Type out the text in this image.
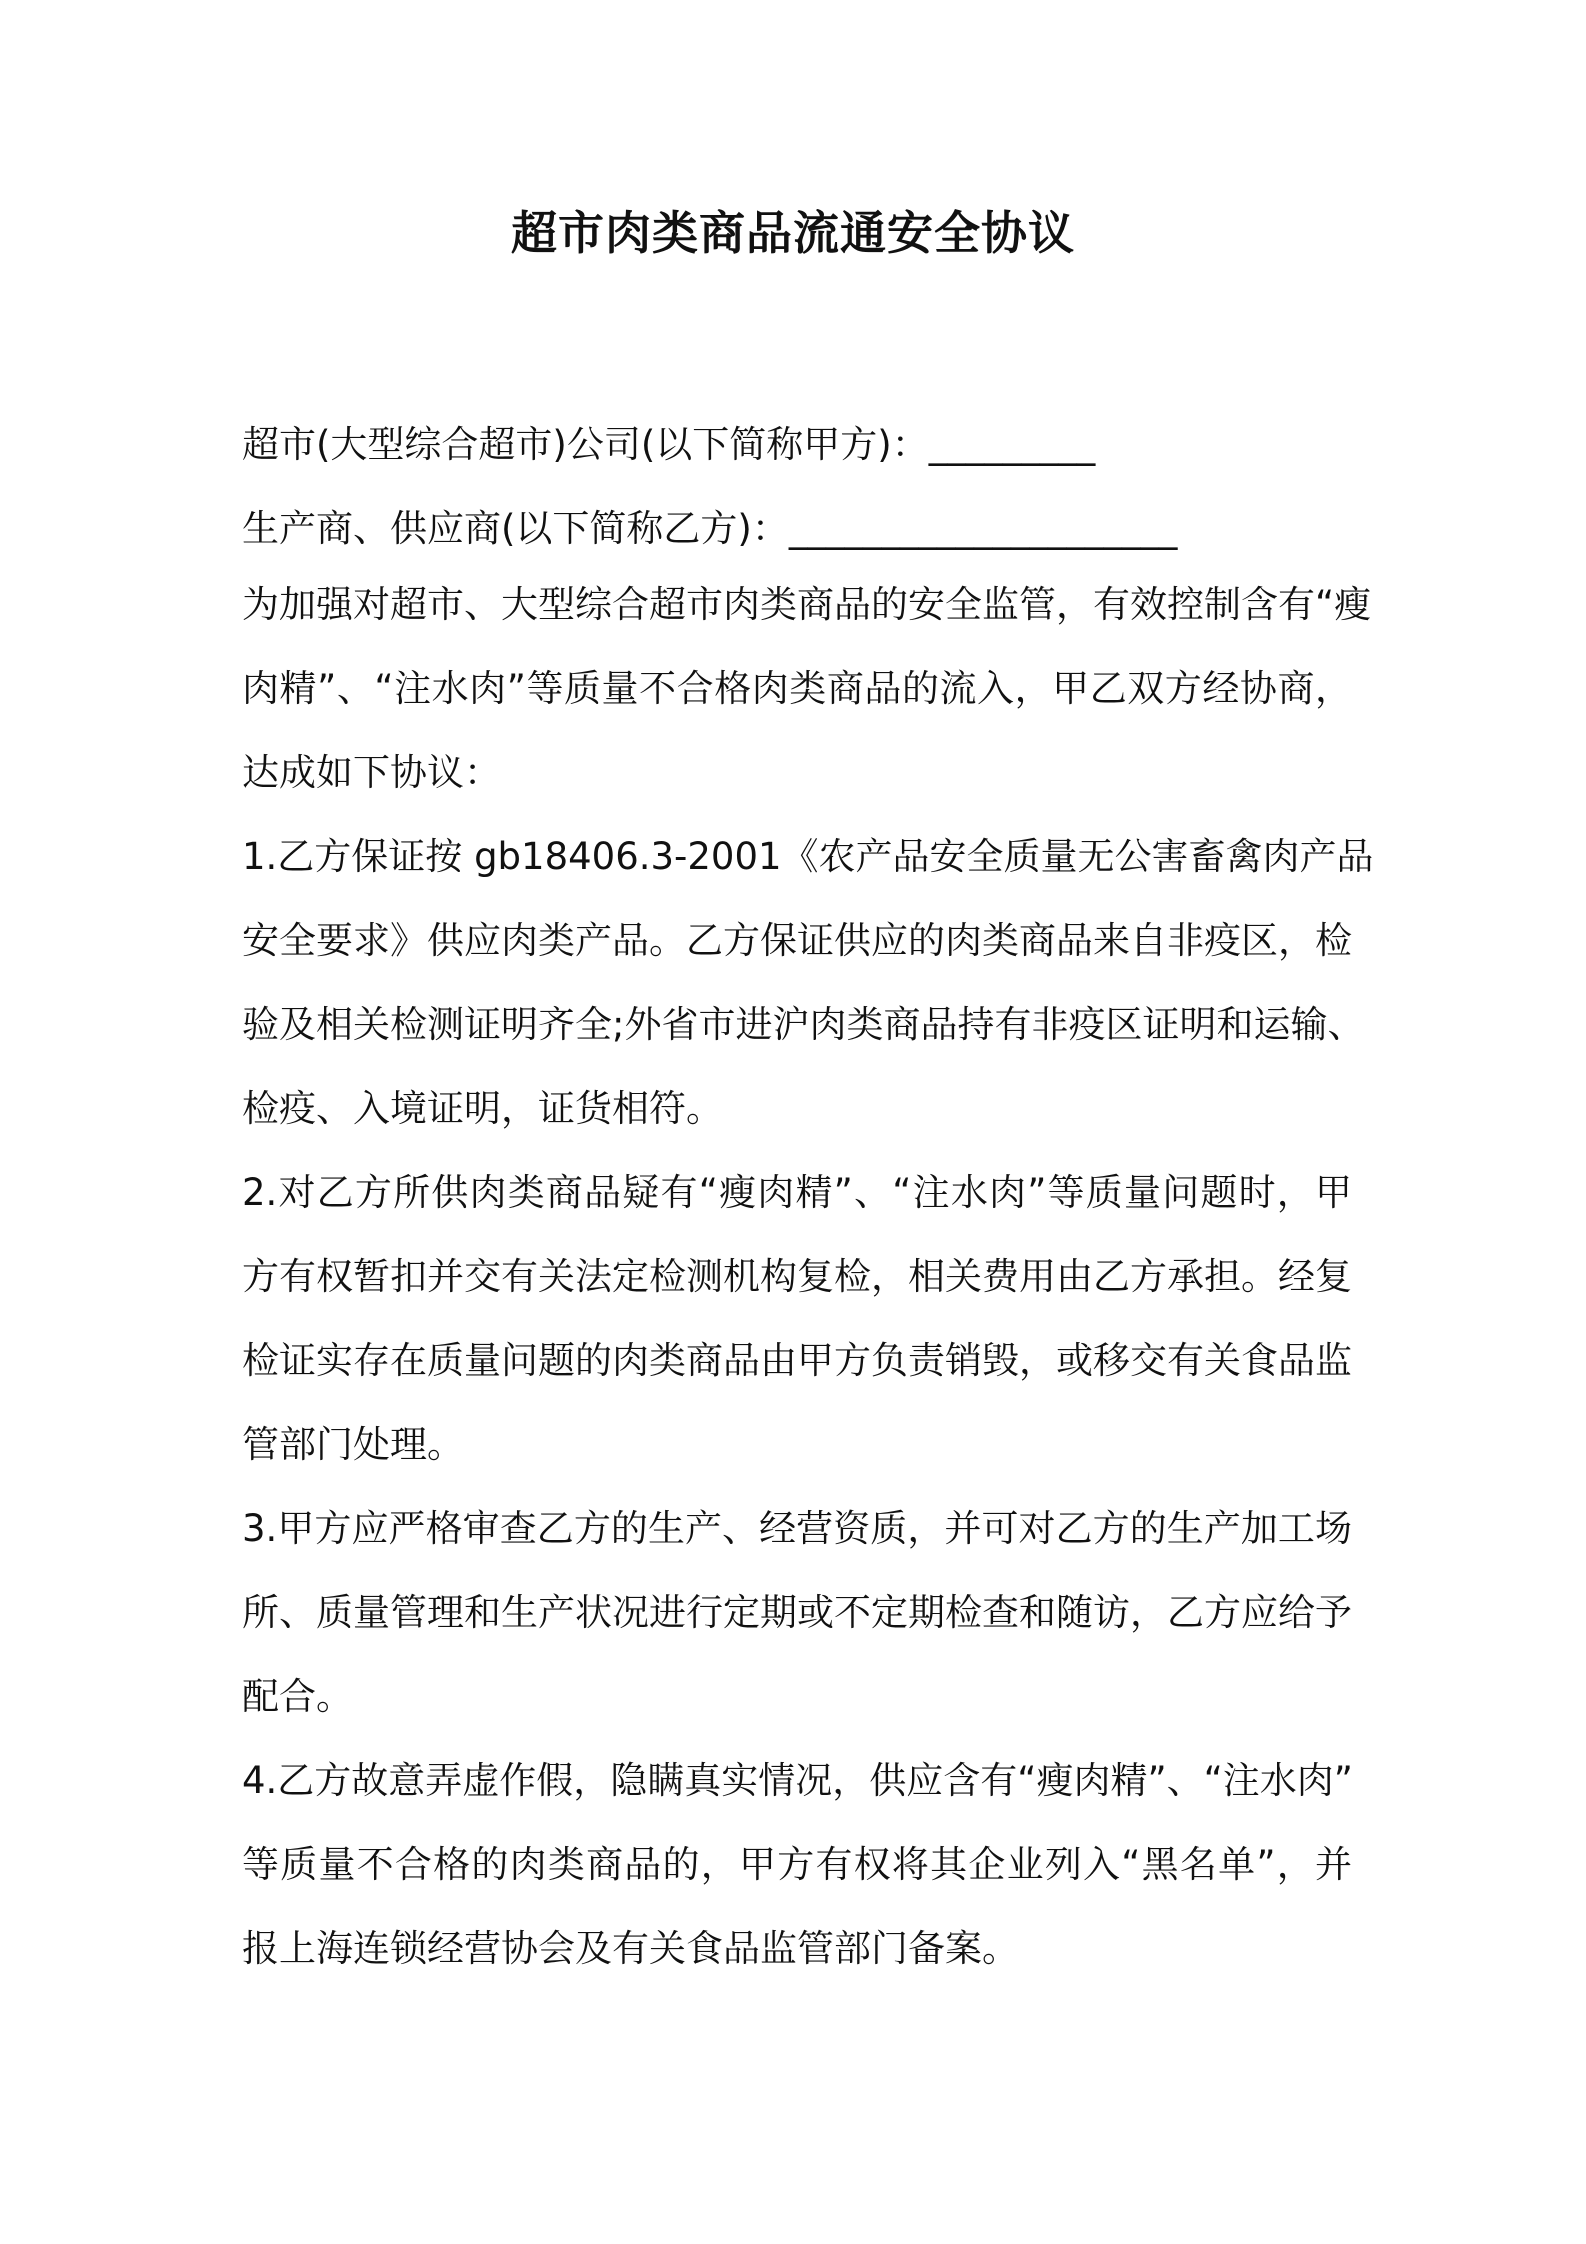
超市肉类商品流通安全协议
超市(大型综合超市)公司(以下简称甲方)：_________
生产商、供应商(以下简称乙方)：_____________________
为加强对超市、大型综合超市肉类商品的安全监管，有效控制含有“瘦
肉精”、“注水肉”等质量不合格肉类商品的流入，甲乙双方经协商，
达成如下协议：
1.乙方保证按 gb18406.3-2001《农产品安全质量无公害畜禽肉产品
安全要求》供应肉类产品。乙方保证供应的肉类商品来自非疫区，检
验及相关检测证明齐全;外省市进沪肉类商品持有非疫区证明和运输、
检疫、入境证明，证货相符。
2.对乙方所供肉类商品疑有“瘦肉精”、“注水肉”等质量问题时，甲
方有权暂扣并交有关法定检测机构复检，相关费用由乙方承担。经复
检证实存在质量问题的肉类商品由甲方负责销毁，或移交有关食品监
管部门处理。
3.甲方应严格审查乙方的生产、经营资质，并可对乙方的生产加工场
所、质量管理和生产状况进行定期或不定期检查和随访，乙方应给予
配合。
4.乙方故意弄虚作假，隐瞒真实情况，供应含有“瘦肉精”、“注水肉”
等质量不合格的肉类商品的，甲方有权将其企业列入“黑名单”，并
报上海连锁经营协会及有关食品监管部门备案。
